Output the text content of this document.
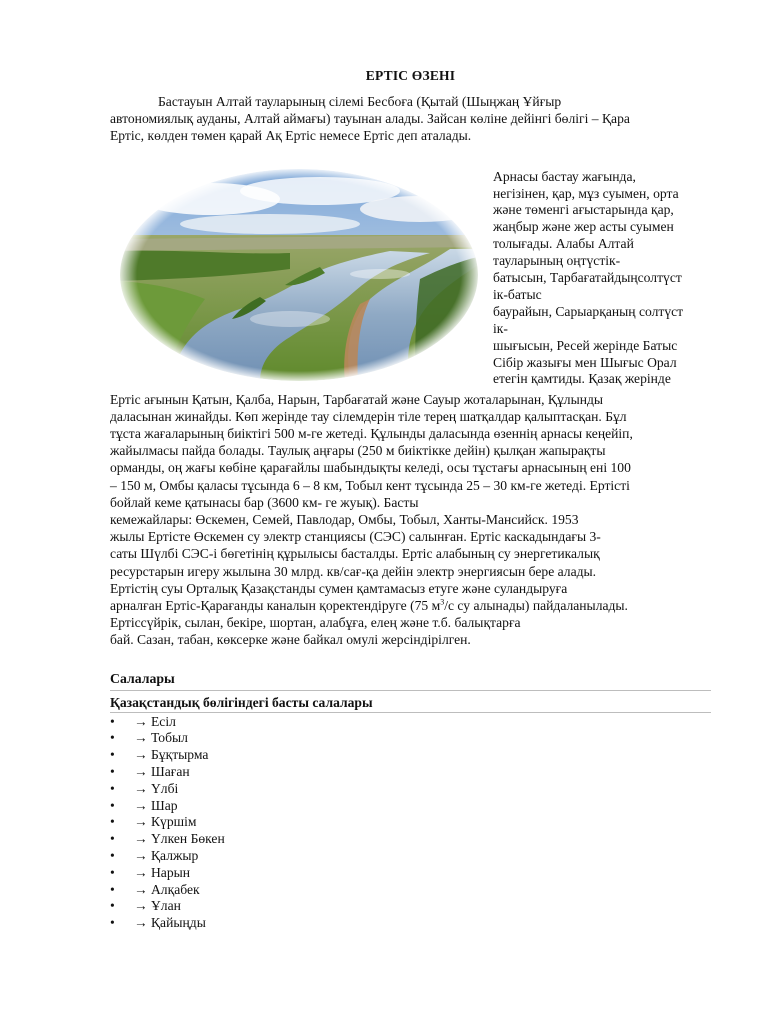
ЕРТІС ӨЗЕНІ

Бастауын Алтай тауларының сілемі Бесбоға (Қытай (Шыңжаң Ұйғыр
автономиялық ауданы, Алтай аймағы) тауынан алады. Зайсан көліне дейінгі бөлігі – Қара
Ертіс, көлден төмен қарай Ақ Ертіс немесе Ертіс деп аталады.

Арнасы бастау жағында,
негізінен, қар, мұз суымен, орта
және төменгі ағыстарында қар,
жаңбыр және жер асты суымен
толығады. Алабы Алтай
тауларының оңтүстік-
батысын, Тарбағатайдыңсолтүст
ік-батыс
баурайын, Сарыарқаның солтүст
ік-
шығысын, Ресей жерінде Батыс
Сібір жазығы мен Шығыс Орал
етегін қамтиды. Қазақ жерінде
Ертіс ағынын Қатын, Қалба, Нарын, Тарбағатай және Сауыр жоталарынан, Құлынды
даласынан жинайды. Көп жерінде тау сілемдерін тіле терең шатқалдар қалыптасқан. Бұл
тұста жағаларының биіктігі 500 м-ге жетеді. Құлынды даласында өзеннің арнасы кеңейіп,
жайылмасы пайда болады. Таулық аңғары (250 м биіктікке дейін) қылқан жапырақты
орманды, оң жағы көбіне қарағайлы шабындықты келеді, осы тұстағы арнасының ені 100
– 150 м, Омбы қаласы тұсында 6 – 8 км, Тобыл кент тұсында 25 – 30 км-ге жетеді. Ертісті
бойлай кеме қатынасы бар (3600 км- ге жуық). Басты
кемежайлары: Өскемен, Семей, Павлодар, Омбы, Тобыл, Ханты-Мансийск. 1953
жылы Ертісте Өскемен су электр станциясы (СЭС) салынған. Ертіс каскадындағы 3-
саты Шүлбі СЭС-і бөгетінің құрылысы басталды. Ертіс алабының су энергетикалық
ресурстарын игеру жылына 30 млрд. кв/сағ-қа дейін электр энергиясын бере алады.
Ертістің суы Орталық Қазақстанды сумен қамтамасыз етуге және суландыруға
арналған Ертіс-Қарағанды каналын қоректендіруге (75 $м^3/с$ су алынады) пайдаланылады.
Ертіссүйрік, сылан, бекіре, шортан, алабұға, елең және т.б. балықтарға
бай. Сазан, табан, көксерке және байкал омулі жерсіндірілген.
Салалары
Қазақстандық бөлігіндегі басты салалары
•	→ Есіл
•	→ Тобыл
•	→ Бұқтырма
•	→ Шаған
•	→ Үлбі
•	→ Шар
•	→ Күршім
•	→ Үлкен Бөкен
•	→ Қалжыр
•	→ Нарын
•	→ Алқабек
•	→ Ұлан
•	→ Қайыңды
